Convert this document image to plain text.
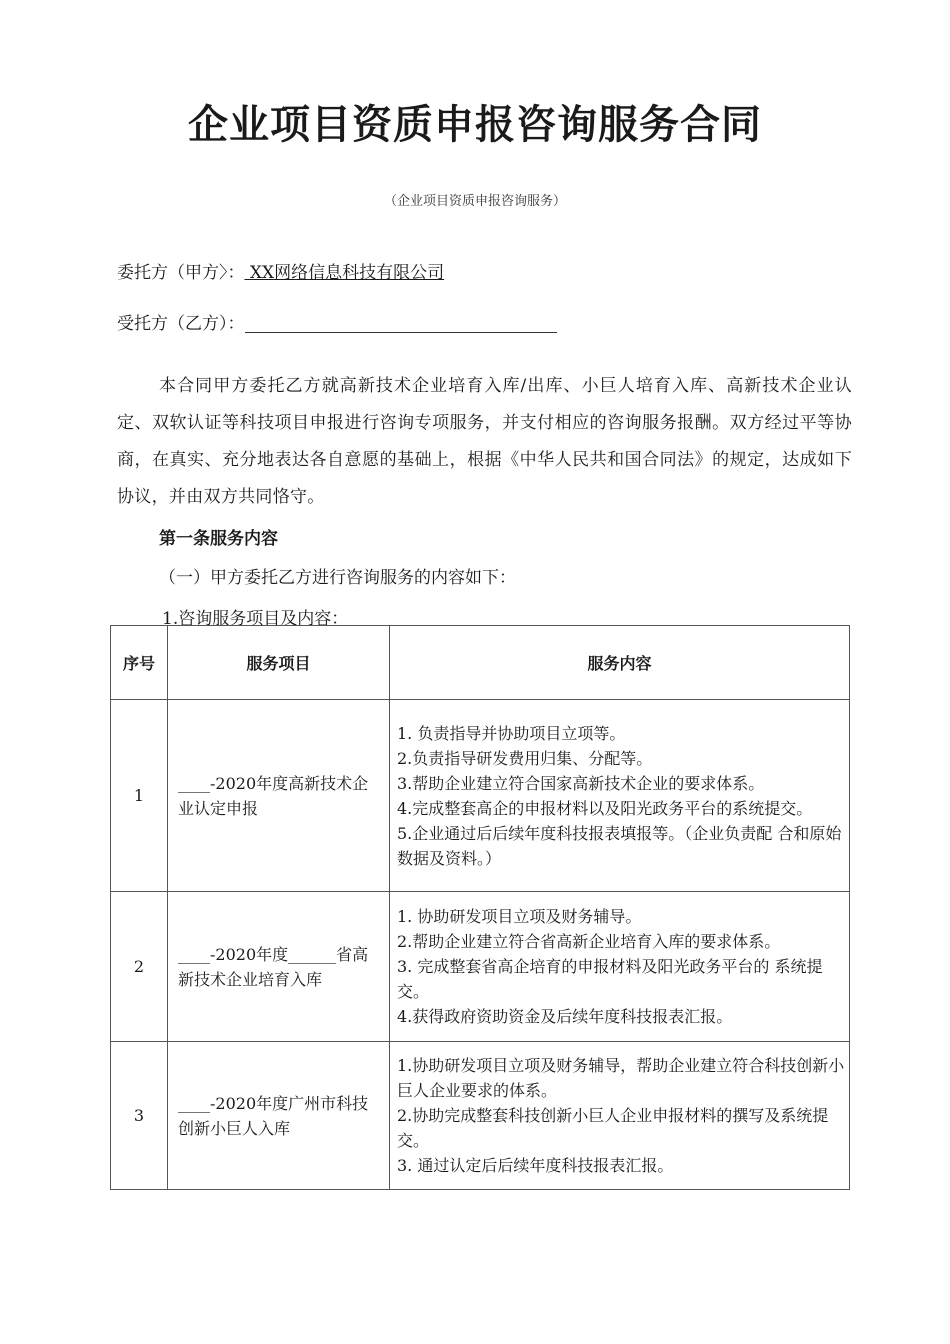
企业项目资质申报咨询服务合同
（企业项目资质申报咨询服务）
委托方（甲方〉： XX网络信息科技有限公司
受托方（乙方）：

本合同甲方委托乙方就高新技术企业培育入库/出库、小巨人培育入库、高新技术企业认定、双软认证等科技项目申报进行咨询专项服务，并支付相应的咨询服务报酬。双方经过平等协商，在真实、充分地表达各自意愿的基础上，根据《中华人民共和国合同法》的规定，达成如下协议，并由双方共同恪守。

第一条服务内容
（一）甲方委托乙方进行咨询服务的内容如下：
1.咨询服务项目及内容：
序号	服务项目	服务内容
1	____-2020年度高新技术企业认定申报	1. 负责指导并协助项目立项等。
2.负责指导研发费用归集、分配等。
3.帮助企业建立符合国家高新技术企业的要求体系。
4.完成整套高企的申报材料以及阳光政务平台的系统提交。
5.企业通过后后续年度科技报表填报等。（企业负责配 合和原始数据及资料。）

2	____-2020年度______省高新技术企业培育入库	1. 协助研发项目立项及财务辅导。
2.帮助企业建立符合省高新企业培育入库的要求体系。
3. 完成整套省高企培育的申报材料及阳光政务平台的 系统提交。
4.获得政府资助资金及后续年度科技报表汇报。

3	____-2020年度广州市科技创新小巨人入库	1.协助研发项目立项及财务辅导，帮助企业建立符合科技创新小巨人企业要求的体系。
2.协助完成整套科技创新小巨人企业申报材料的撰写及系统提交。
3. 通过认定后后续年度科技报表汇报。
